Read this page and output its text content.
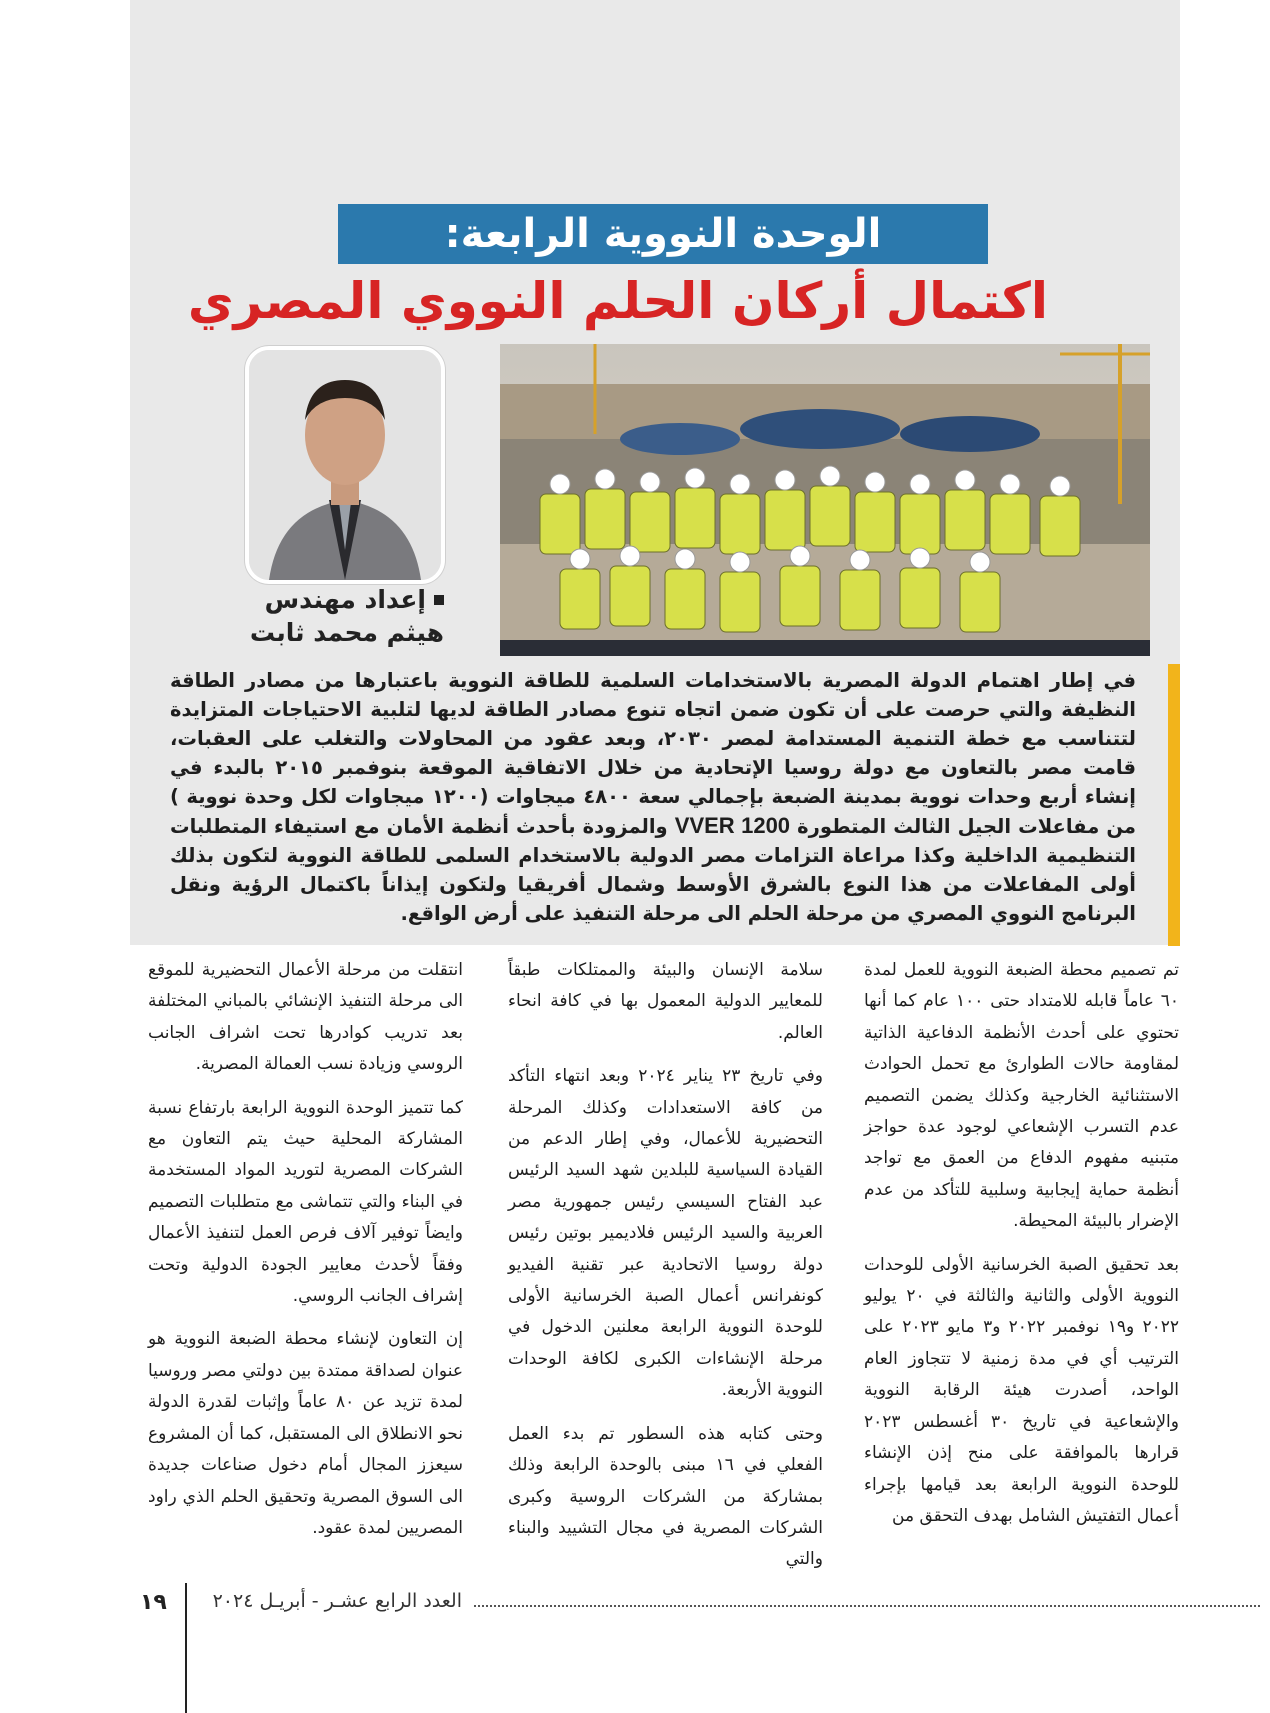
الوحدة النووية الرابعة:
اكتمال أركان الحلم النووي المصري
إعداد مهندس
هيثم محمد ثابت
في إطار اهتمام الدولة المصرية بالاستخدامات السلمية للطاقة النووية باعتبارها من مصادر الطاقة النظيفة والتي حرصت على أن تكون ضمن اتجاه تنوع مصادر الطاقة لديها لتلبية الاحتياجات المتزايدة لتتناسب مع خطة التنمية المستدامة لمصر ٢٠٣٠، وبعد عقود من المحاولات والتغلب على العقبات، قامت مصر بالتعاون مع دولة روسيا الإتحادية من خلال الاتفاقية الموقعة بنوفمبر ٢٠١٥ بالبدء في إنشاء أربع وحدات نووية بمدينة الضبعة بإجمالي سعة ٤٨٠٠ ميجاوات (١٢٠٠ ميجاوات لكل وحدة نووية ) من مفاعلات الجيل الثالث المتطورة VVER 1200 والمزودة بأحدث أنظمة الأمان مع استيفاء المتطلبات التنظيمية الداخلية وكذا مراعاة التزامات مصر الدولية بالاستخدام السلمى للطاقة النووية لتكون بذلك أولى المفاعلات من هذا النوع بالشرق الأوسط وشمال أفريقيا ولتكون إيذاناً باكتمال الرؤية ونقل البرنامج النووي المصري من مرحلة الحلم الى مرحلة التنفيذ على أرض الواقع.

تم تصميم محطة الضبعة النووية للعمل لمدة ٦٠ عاماً قابله للامتداد حتى ١٠٠ عام كما أنها تحتوي على أحدث الأنظمة الدفاعية الذاتية لمقاومة حالات الطوارئ مع تحمل الحوادث الاستثنائية الخارجية وكذلك يضمن التصميم عدم التسرب الإشعاعي لوجود عدة حواجز متبنيه مفهوم الدفاع من العمق مع تواجد أنظمة حماية إيجابية وسلبية للتأكد من عدم الإضرار بالبيئة المحيطة.

بعد تحقيق الصبة الخرسانية الأولى للوحدات النووية الأولى والثانية والثالثة في ٢٠ يوليو ٢٠٢٢ و١٩ نوفمبر ٢٠٢٢ و٣ مايو ٢٠٢٣ على الترتيب أي في مدة زمنية لا تتجاوز العام الواحد، أصدرت هيئة الرقابة النووية والإشعاعية في تاريخ ٣٠ أغسطس ٢٠٢٣ قرارها بالموافقة على منح إذن الإنشاء للوحدة النووية الرابعة بعد قيامها بإجراء أعمال التفتيش الشامل بهدف التحقق من

سلامة الإنسان والبيئة والممتلكات طبقاً للمعايير الدولية المعمول بها في كافة انحاء العالم.

وفي تاريخ ٢٣ يناير ٢٠٢٤ وبعد انتهاء التأكد من كافة الاستعدادات وكذلك المرحلة التحضيرية للأعمال، وفي إطار الدعم من القيادة السياسية للبلدين شهد السيد الرئيس عبد الفتاح السيسي رئيس جمهورية مصر العربية والسيد الرئيس فلاديمير بوتين رئيس دولة روسيا الاتحادية عبر تقنية الفيديو كونفرانس أعمال الصبة الخرسانية الأولى للوحدة النووية الرابعة معلنين الدخول في مرحلة الإنشاءات الكبرى لكافة الوحدات النووية الأربعة.

وحتى كتابه هذه السطور تم بدء العمل الفعلي في ١٦ مبنى بالوحدة الرابعة وذلك بمشاركة من الشركات الروسية وكبرى الشركات المصرية في مجال التشييد والبناء والتي

انتقلت من مرحلة الأعمال التحضيرية للموقع الى مرحلة التنفيذ الإنشائي بالمباني المختلفة بعد تدريب كوادرها تحت اشراف الجانب الروسي وزيادة نسب العمالة المصرية.

كما تتميز الوحدة النووية الرابعة بارتفاع نسبة المشاركة المحلية حيث يتم التعاون مع الشركات المصرية لتوريد المواد المستخدمة في البناء والتي تتماشى مع متطلبات التصميم وايضاً توفير آلاف فرص العمل لتنفيذ الأعمال وفقاً لأحدث معايير الجودة الدولية وتحت إشراف الجانب الروسي.

إن التعاون لإنشاء محطة الضبعة النووية هو عنوان لصداقة ممتدة بين دولتي مصر وروسيا لمدة تزيد عن ٨٠ عاماً وإثبات لقدرة الدولة نحو الانطلاق الى المستقبل، كما أن المشروع سيعزز المجال أمام دخول صناعات جديدة الى السوق المصرية وتحقيق الحلم الذي راود المصريين لمدة عقود.

العدد الرابع عشـر - أبريـل ٢٠٢٤
١٩
